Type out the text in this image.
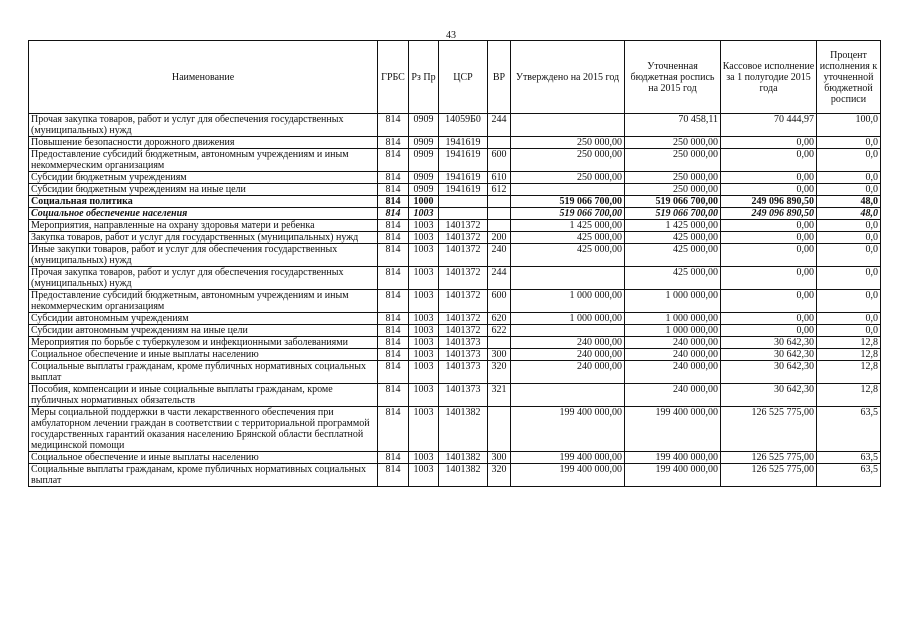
43
Наименование	ГРБС	Рз Пр	ЦСР	ВР	Утверждено на 2015 год	Уточненная бюджетная роспись на 2015 год	Кассовое исполнение за 1 полугодие 2015 года	Процент исполнения к уточненной бюджетной росписи
Прочая закупка товаров, работ и услуг для обеспечения государственных (муниципальных) нужд	814	0909	14059Б0	244		70 458,11	70 444,97	100,0
Повышение безопасности дорожного движения	814	0909	1941619		250 000,00	250 000,00	0,00	0,0
Предоставление субсидий бюджетным, автономным учреждениям и иным некоммерческим организациям	814	0909	1941619	600	250 000,00	250 000,00	0,00	0,0
Субсидии бюджетным учреждениям	814	0909	1941619	610	250 000,00	250 000,00	0,00	0,0
Субсидии бюджетным учреждениям на иные цели	814	0909	1941619	612		250 000,00	0,00	0,0
Социальная политика	814	1000			519 066 700,00	519 066 700,00	249 096 890,50	48,0
Социальное обеспечение населения	814	1003			519 066 700,00	519 066 700,00	249 096 890,50	48,0
Мероприятия, направленные на охрану здоровья матери и ребенка	814	1003	1401372		1 425 000,00	1 425 000,00	0,00	0,0
Закупка товаров, работ и услуг для государственных (муниципальных) нужд	814	1003	1401372	200	425 000,00	425 000,00	0,00	0,0
Иные закупки товаров, работ и услуг для обеспечения государственных (муниципальных) нужд	814	1003	1401372	240	425 000,00	425 000,00	0,00	0,0
Прочая закупка товаров, работ и услуг для обеспечения государственных (муниципальных) нужд	814	1003	1401372	244		425 000,00	0,00	0,0
Предоставление субсидий бюджетным, автономным учреждениям и иным некоммерческим организациям	814	1003	1401372	600	1 000 000,00	1 000 000,00	0,00	0,0
Субсидии автономным учреждениям	814	1003	1401372	620	1 000 000,00	1 000 000,00	0,00	0,0
Субсидии автономным учреждениям на иные цели	814	1003	1401372	622		1 000 000,00	0,00	0,0
Мероприятия по борьбе с туберкулезом и инфекционными заболеваниями	814	1003	1401373		240 000,00	240 000,00	30 642,30	12,8
Социальное обеспечение и иные выплаты населению	814	1003	1401373	300	240 000,00	240 000,00	30 642,30	12,8
Социальные выплаты гражданам, кроме публичных нормативных социальных выплат	814	1003	1401373	320	240 000,00	240 000,00	30 642,30	12,8
Пособия, компенсации и иные социальные выплаты гражданам, кроме публичных нормативных обязательств	814	1003	1401373	321		240 000,00	30 642,30	12,8
Меры социальной поддержки в части лекарственного обеспечения при амбулаторном лечении граждан в соответствии с территориальной программой государственных гарантий оказания населению Брянской области бесплатной медицинской помощи	814	1003	1401382		199 400 000,00	199 400 000,00	126 525 775,00	63,5
Социальное обеспечение и иные выплаты населению	814	1003	1401382	300	199 400 000,00	199 400 000,00	126 525 775,00	63,5
Социальные выплаты гражданам, кроме публичных нормативных социальных выплат	814	1003	1401382	320	199 400 000,00	199 400 000,00	126 525 775,00	63,5
